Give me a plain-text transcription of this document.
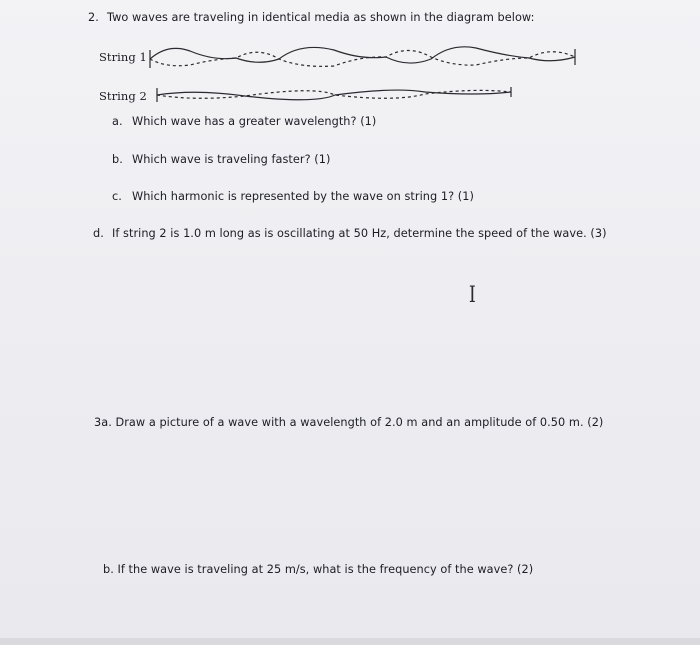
2. Two waves are traveling in identical media as shown in the diagram below:
String 1
String 2
a. Which wave has a greater wavelength? (1)
b. Which wave is traveling faster? (1)
c. Which harmonic is represented by the wave on string 1? (1)
d. If string 2 is 1.0 m long as is oscillating at 50 Hz, determine the speed of the wave. (3)
I
3a. Draw a picture of a wave with a wavelength of 2.0 m and an amplitude of 0.50 m. (2)
b. If the wave is traveling at 25 m/s, what is the frequency of the wave? (2)
